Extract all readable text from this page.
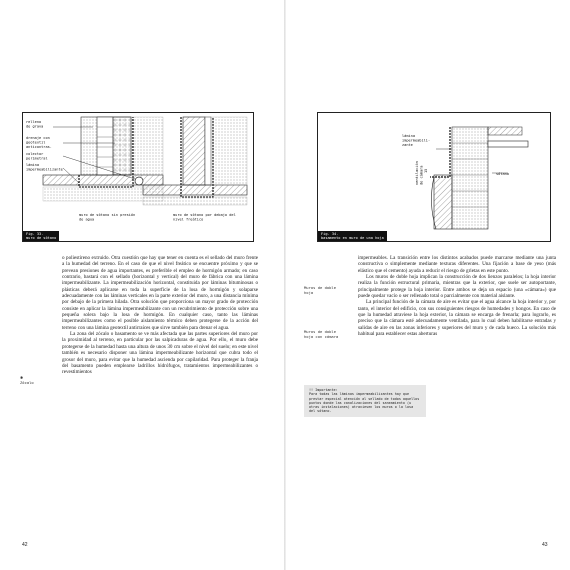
relleno
de grava
drenaje con
geotextil
anticontras.
colector
perimetral
lámina
impermeabilizante
muro de sótano sin presión
de agua
muro de sótano por debajo del
nivel freático
Fig. 33.
muro de sótano

o poliestireno extruido. Otra cuestión que hay que tener en cuenta es el sellado del muro frente a la humedad del terreno. En el caso de que el nivel freático se encuentre próximo y que se prevean presiones de agua importantes, es preferible el empleo de hormigón armado; en caso contrario, bastará con el sellado (horizontal y vertical) del muro de fábrica con una lámina impermeabilizante. La impermeabilización horizontal, constituida por láminas bituminosas o plásticas deberá aplicarse en toda la superficie de la losa de hormigón y solaparse adecuadamente con las láminas verticales en la parte exterior del muro, a una distancia mínima por debajo de la primera hilada. Otra solución que proporciona un mayor grado de protección consiste en aplicar la lámina impermeabilizante con un recubrimiento de protección sobre una pequeña solera bajo la losa de hormigón. En cualquier caso, tanto las láminas impermeabilizantes como el posible aislamiento térmico deben protegerse de la acción del terreno con una lámina geotextil antirraíces que sirve también para drenar el agua.

La zona del zócalo o basamento se ve más afectada que las partes superiores del muro por la proximidad al terreno, en particular por las salpicaduras de agua. Por ello, el muro debe protegerse de la humedad hasta una altura de unos 30 cm sobre el nivel del suelo; en este nivel también es necesario disponer una lámina impermeabilizante horizontal que cubra todo el grosor del muro, para evitar que la humedad ascienda por capilaridad. Para proteger la franja del basamento pueden emplearse ladrillos hidrófugos, tratamientos impermeabilizantes o revestimientos

✱
Zócalo
42
lámina
impermeabili-
zante
ventilación de cámara 15
sótano
Fig. 34.
basamento en muro de una hoja

impermeables. La transición entre los distintos acabados puede marcarse mediante una junta constructiva o simplemente mediante texturas diferentes. Una fijación a base de yeso (más elástico que el cemento) ayuda a reducir el riesgo de grietas en este punto.

Los muros de doble hoja implican la construcción de dos lienzos paralelos; la hoja interior realiza la función estructural primaria, mientras que la exterior, que suele ser autoportante, principalmente protege la hoja interior. Entre ambos se deja un espacio (una «cámara») que puede quedar vacío o ser rellenado total o parcialmente con material aislante.

La principal función de la cámara de aire es evitar que el agua alcance la hoja interior y, por tanto, el interior del edificio, con sus consiguientes riesgos de humedades y hongos. En caso de que la humedad atraviese la hoja exterior, la cámara se encarga de frenarla; para lograrlo, es preciso que la cámara esté adecuadamente ventilada, para lo cual deben habilitarse entradas y salidas de aire en las zonas inferiores y superiores del muro y de cada hueco. La solución más habitual para establecer estas aberturas

Muros de doble
hoja
Muros de doble
hoja con cámara
!! Importante:
Para todas las láminas impermeabilizantes hay que prestar especial atención al sellado de todos aquellos puntos donde las canalizaciones del saneamiento (u otras instalaciones) atraviesen los muros o la losa del sótano.
43
